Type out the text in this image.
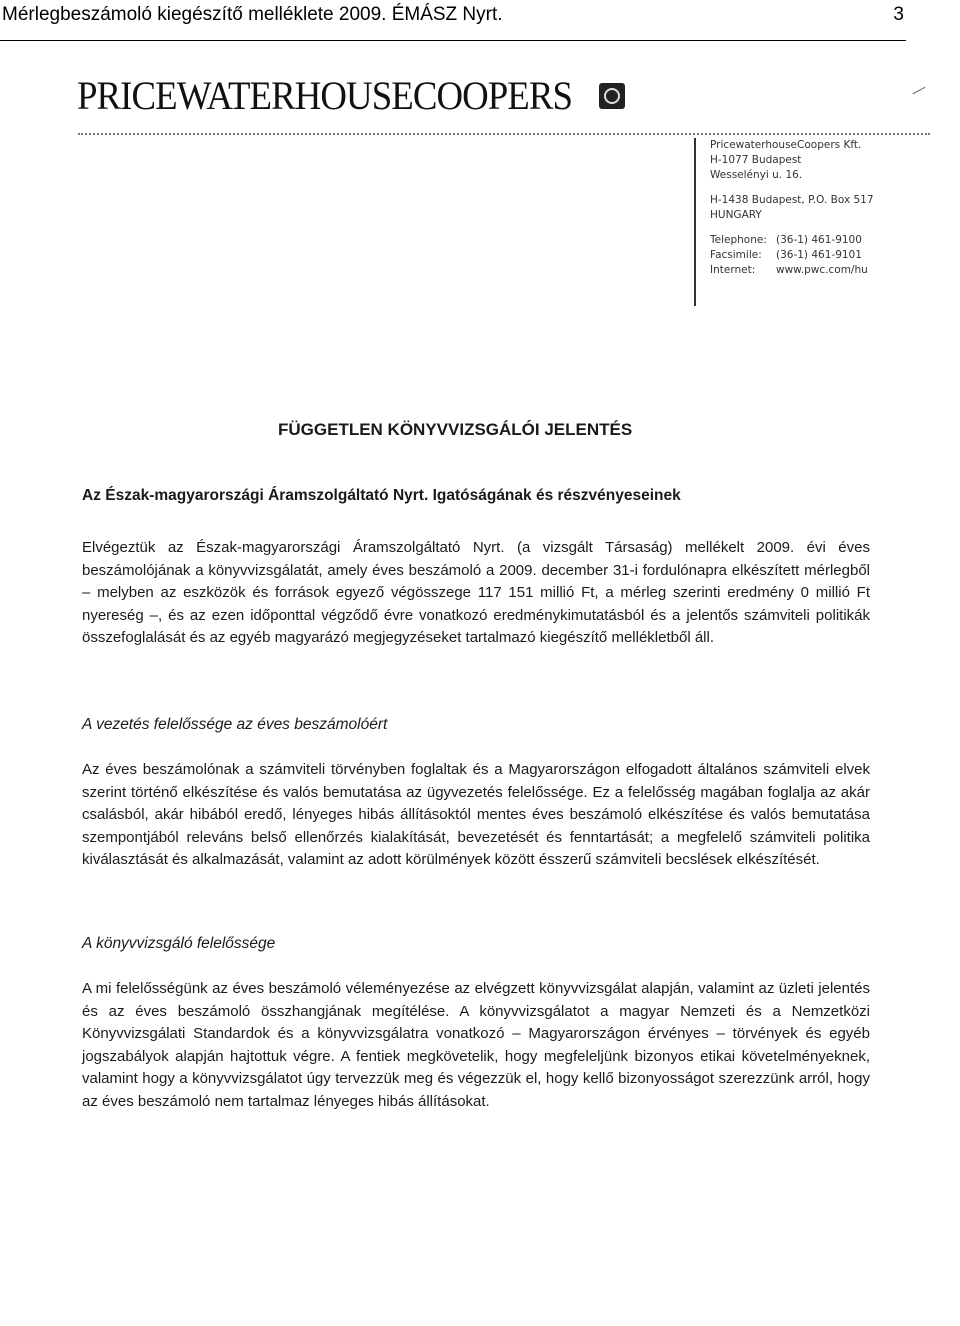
Mérlegbeszámoló kiegészítő melléklete 2009. ÉMÁSZ Nyrt.	3
PRICEWATERHOUSECOOPERS
PricewaterhouseCoopers Kft.
H-1077 Budapest
Wesselényi u. 16.
H-1438 Budapest, P.O. Box 517
HUNGARY
Telephone: (36-1) 461-9100
Facsimile: (36-1) 461-9101
Internet: www.pwc.com/hu
FÜGGETLEN KÖNYVVIZSGÁLÓI JELENTÉS
Az Észak-magyarországi Áramszolgáltató Nyrt. Igatóságának és részvényeseinek

Elvégeztük az Észak-magyarországi Áramszolgáltató Nyrt. (a vizsgált Társaság) mellékelt 2009. évi éves beszámolójának a könyvvizsgálatát, amely éves beszámoló a 2009. december 31-i fordulónapra elkészített mérlegből – melyben az eszközök és források egyező végösszege 117 151 millió Ft, a mérleg szerinti eredmény 0 millió Ft nyereség –, és az ezen időponttal végződő évre vonatkozó eredménykimutatásból és a jelentős számviteli politikák összefoglalását és az egyéb magyarázó megjegyzéseket tartalmazó kiegészítő mellékletből áll.

A vezetés felelőssége az éves beszámolóért

Az éves beszámolónak a számviteli törvényben foglaltak és a Magyarországon elfogadott általános számviteli elvek szerint történő elkészítése és valós bemutatása az ügyvezetés felelőssége. Ez a felelősség magában foglalja az akár csalásból, akár hibából eredő, lényeges hibás állításoktól mentes éves beszámoló elkészítése és valós bemutatása szempontjából releváns belső ellenőrzés kialakítását, bevezetését és fenntartását; a megfelelő számviteli politika kiválasztását és alkalmazását, valamint az adott körülmények között ésszerű számviteli becslések elkészítését.

A könyvvizsgáló felelőssége

A mi felelősségünk az éves beszámoló véleményezése az elvégzett könyvvizsgálat alapján, valamint az üzleti jelentés és az éves beszámoló összhangjának megítélése. A könyvvizsgálatot a magyar Nemzeti és a Nemzetközi Könyvvizsgálati Standardok és a könyvvizsgálatra vonatkozó – Magyarországon érvényes – törvények és egyéb jogszabályok alapján hajtottuk végre. A fentiek megkövetelik, hogy megfeleljünk bizonyos etikai követelményeknek, valamint hogy a könyvvizsgálatot úgy tervezzük meg és végezzük el, hogy kellő bizonyosságot szerezzünk arról, hogy az éves beszámoló nem tartalmaz lényeges hibás állításokat.
